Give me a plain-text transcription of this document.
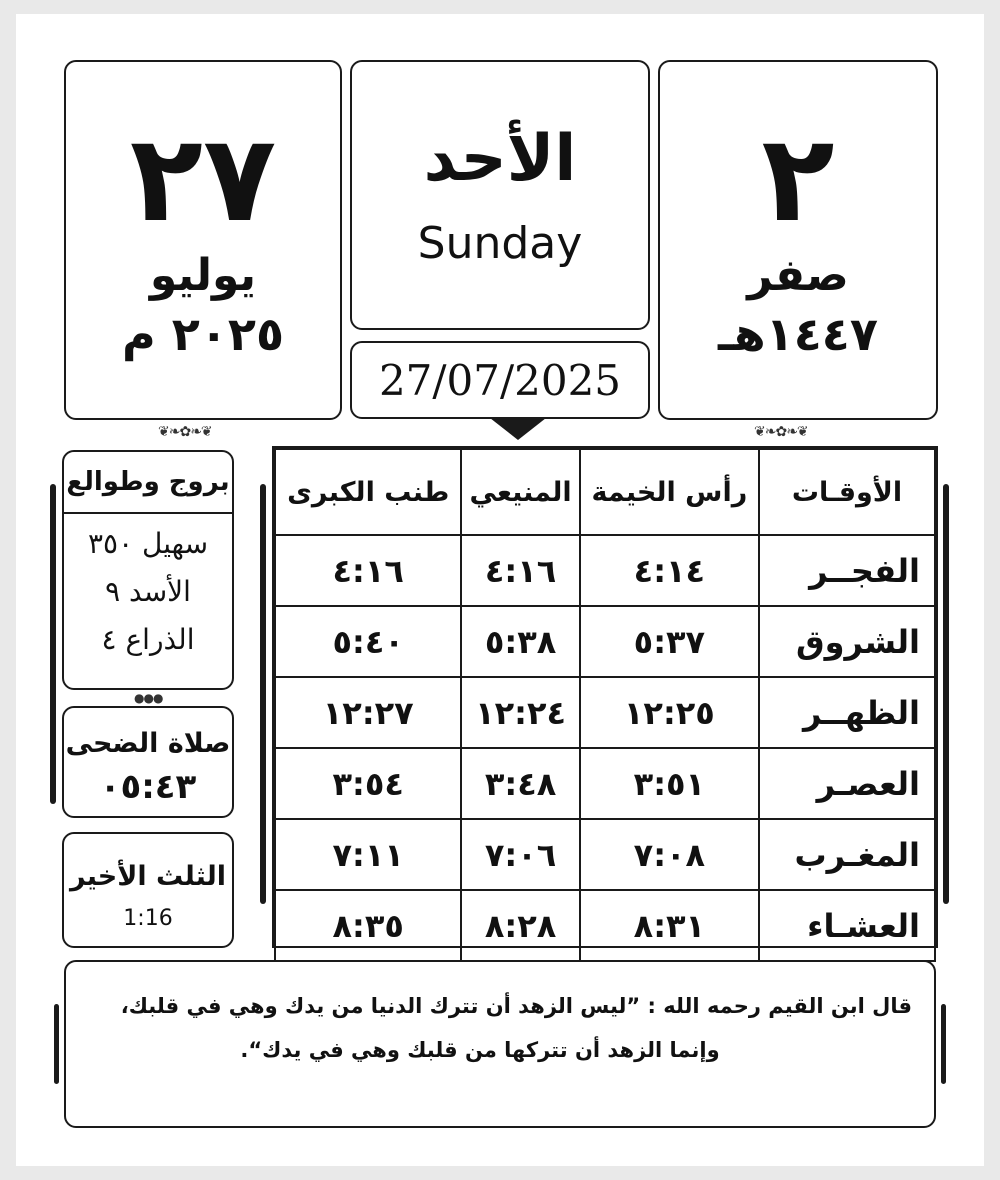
٢٧
يوليو
٢٠٢٥ م
الأحد
Sunday
27/07/2025
٢
صفر
١٤٤٧هـ
❦❧✿❧❦	❦❧✿❧❦
بروج وطوالع
سهيل ٣٥٠
الأسد ٩
الذراع ٤
●●●
صلاة الضحى
٠٥:٤٣
الثلث الأخير
1:16
الأوقـات	رأس الخيمة	المنيعي	طنب الكبرى
الفجــر	٤:١٤	٤:١٦	٤:١٦
الشروق	٥:٣٧	٥:٣٨	٥:٤٠
الظهــر	١٢:٢٥	١٢:٢٤	١٢:٢٧
العصـر	٣:٥١	٣:٤٨	٣:٥٤
المغـرب	٧:٠٨	٧:٠٦	٧:١١
العشـاء	٨:٣١	٨:٢٨	٨:٣٥
قال ابن القيم رحمه الله : ”ليس الزهد أن تترك الدنيا من يدك وهي في قلبك،
وإنما الزهد أن تتركها من قلبك وهي في يدك“.
